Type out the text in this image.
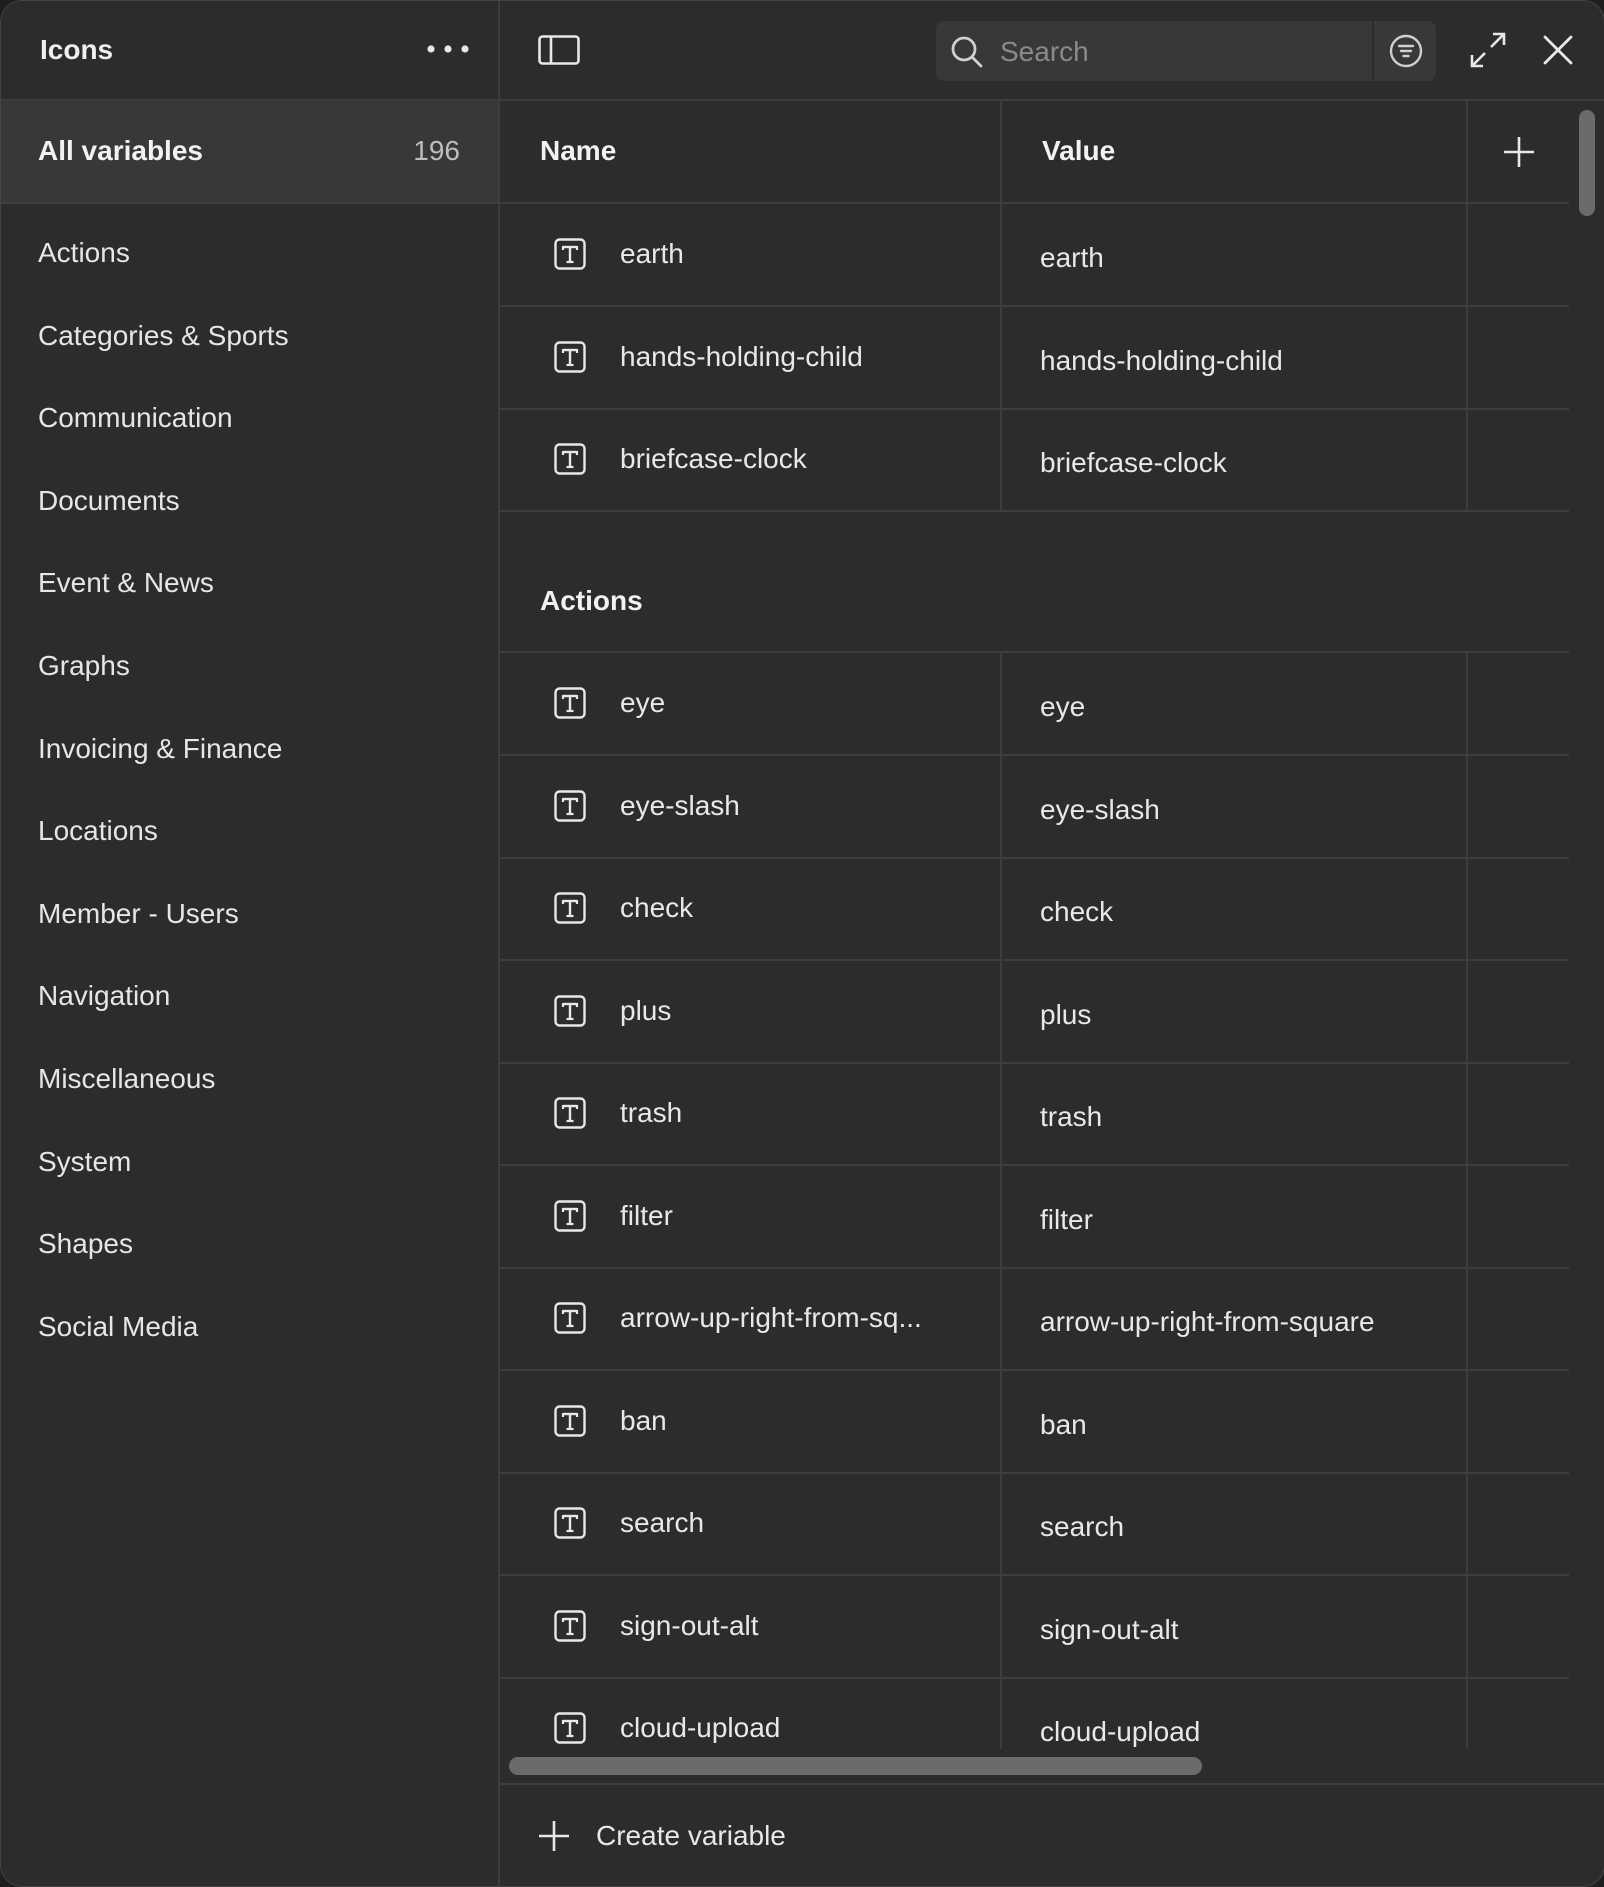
Icons
All variables	196
Actions
Categories & Sports
Communication
Documents
Event & News
Graphs
Invoicing & Finance
Locations
Member - Users
Navigation
Miscellaneous
System
Shapes
Social Media
Search
Name	Value
earth	earth
hands-holding-child	hands-holding-child
briefcase-clock	briefcase-clock
Actions
eye	eye
eye-slash	eye-slash
check	check
plus	plus
trash	trash
filter	filter
arrow-up-right-from-sq...	arrow-up-right-from-square
ban	ban
search	search
sign-out-alt	sign-out-alt
cloud-upload	cloud-upload
Create variable
